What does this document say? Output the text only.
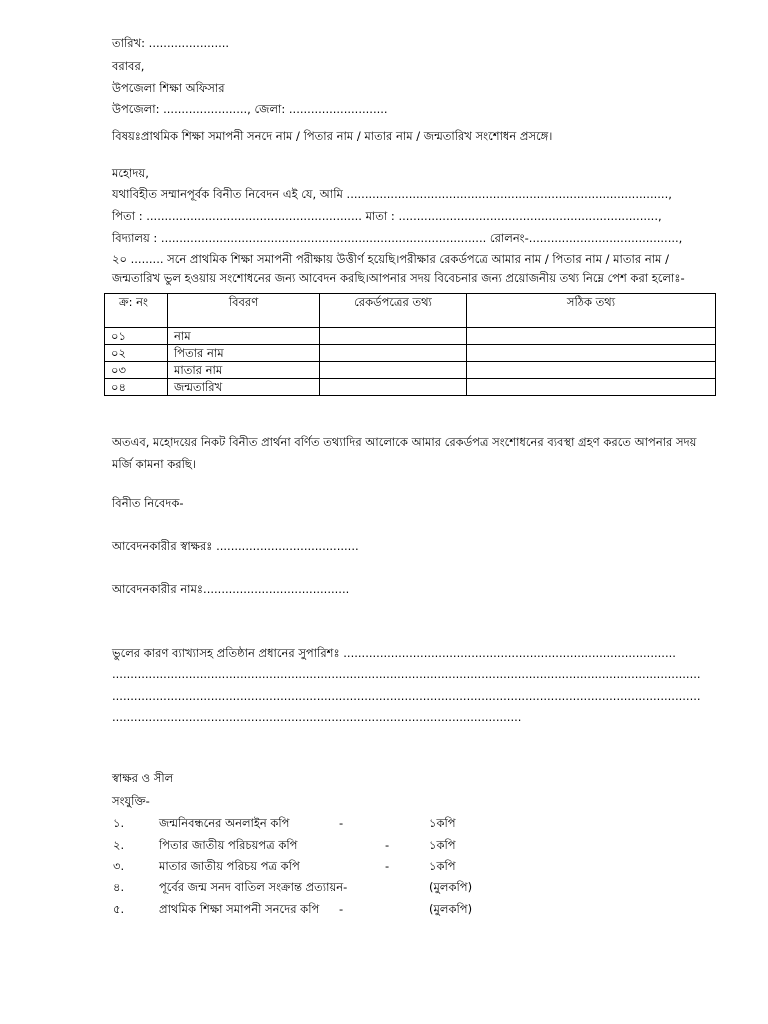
তারিখ: ......................
বরাবর,
উপজেলা শিক্ষা অফিসার
উপজেলা: ......................., জেলা: ...........................
বিষয়ঃপ্রাথমিক শিক্ষা সমাপনী সনদে নাম / পিতার নাম / মাতার নাম / জন্মতারিখ সংশোধন প্রসঙ্গে।
মহোদয়,
যথাবিহীত সম্মানপূর্বক বিনীত নিবেদন এই যে, আমি ........................................................................................,
পিতা : ........................................................... মাতা : .......................................................................,
বিদ্যালয় : ......................................................................................... রোলনং-.........................................,
২০ ......... সনে প্রাথমিক শিক্ষা সমাপনী পরীক্ষায় উত্তীর্ণ হয়েছি।পরীক্ষার রেকর্ডপত্রে আমার নাম / পিতার নাম / মাতার নাম /
জন্মতারিখ ভুল হওয়ায় সংশোধনের জন্য আবেদন করছি।আপনার সদয় বিবেচনার জন্য প্রয়োজনীয় তথ্য নিম্নে পেশ করা হলোঃ-
ক্র: নং	বিবরণ	রেকর্ডপত্রের তথ্য	সঠিক তথ্য
০১	নাম		
০২	পিতার নাম		
০৩	মাতার নাম		
০৪	জন্মতারিখ		
অতএব, মহোদয়ের নিকট বিনীত প্রার্থনা বর্ণিত তথ্যাদির আলোকে আমার রেকর্ডপত্র সংশোধনের ব্যবস্থা গ্রহণ করতে আপনার সদয় মর্জি কামনা করছি।
বিনীত নিবেদক-
আবেদনকারীর স্বাক্ষরঃ .......................................
আবেদনকারীর নামঃ........................................
ভুলের কারণ ব্যাখ্যাসহ প্রতিষ্ঠান প্রধানের সুপারিশঃ ...........................................................................................
.................................................................................................................................................................
.................................................................................................................................................................
................................................................................................................
স্বাক্ষর ও সীল
সংযুক্তি-
১.	জন্মনিবন্ধনের অনলাইন কপি	-	১কপি
২.	পিতার জাতীয় পরিচয়পত্র কপি	-	১কপি
৩.	মাতার জাতীয় পরিচয় পত্র কপি	-	১কপি
৪.	পূর্বের জন্ম সনদ বাতিল সংক্রান্ত প্রত্যায়ন-	(মুলকপি)
৫.	প্রাথমিক শিক্ষা সমাপনী সনদের কপি -	(মুলকপি)
